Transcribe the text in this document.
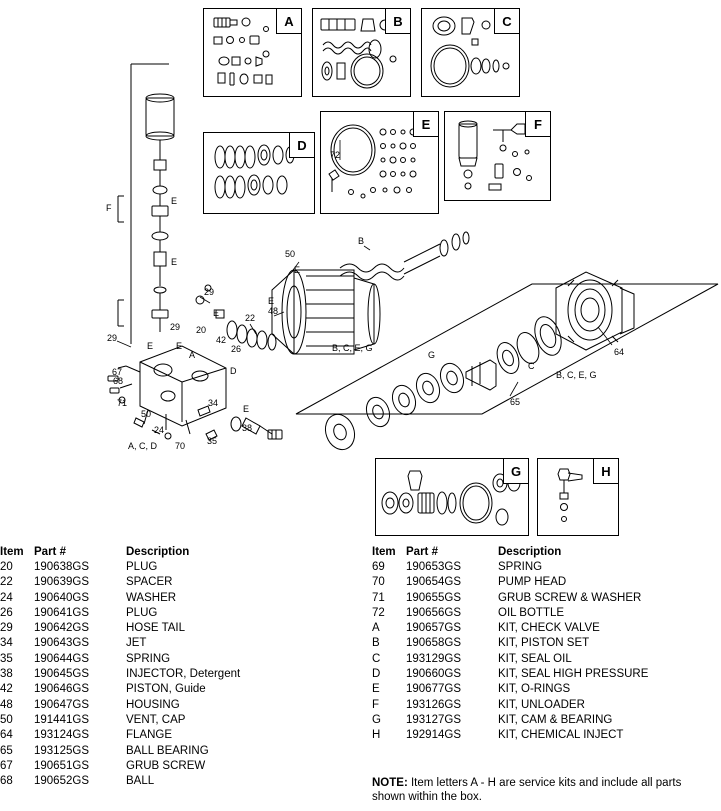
A	B	C
D
E	F
G	H
F
E
E
E
E	E
E
29
29
29
22
42
A
D
67
68
71
50
24
70
34
35
38
A, C, D
48
E
E
50
B
B, C, E, G
B, C, E, G
G
C
64
65
20
26
72
Item	Part #	Description
20	190638GS	PLUG
22	190639GS	SPACER
24	190640GS	WASHER
26	190641GS	PLUG
29	190642GS	HOSE TAIL
34	190643GS	JET
35	190644GS	SPRING
38	190645GS	INJECTOR, Detergent
42	190646GS	PISTON, Guide
48	190647GS	HOUSING
50	191441GS	VENT, CAP
64	193124GS	FLANGE
65	193125GS	BALL BEARING
67	190651GS	GRUB SCREW
68	190652GS	BALL
Item	Part #	Description
69	190653GS	SPRING
70	190654GS	PUMP HEAD
71	190655GS	GRUB SCREW & WASHER
72	190656GS	OIL BOTTLE
A	190657GS	KIT, CHECK VALVE
B	190658GS	KIT, PISTON SET
C	193129GS	KIT, SEAL OIL
D	190660GS	KIT, SEAL HIGH PRESSURE
E	190677GS	KIT, O-RINGS
F	193126GS	KIT, UNLOADER
G	193127GS	KIT, CAM & BEARING
H	192914GS	KIT, CHEMICAL INJECT
NOTE: Item letters A - H are service kits and include all parts shown within the box.
